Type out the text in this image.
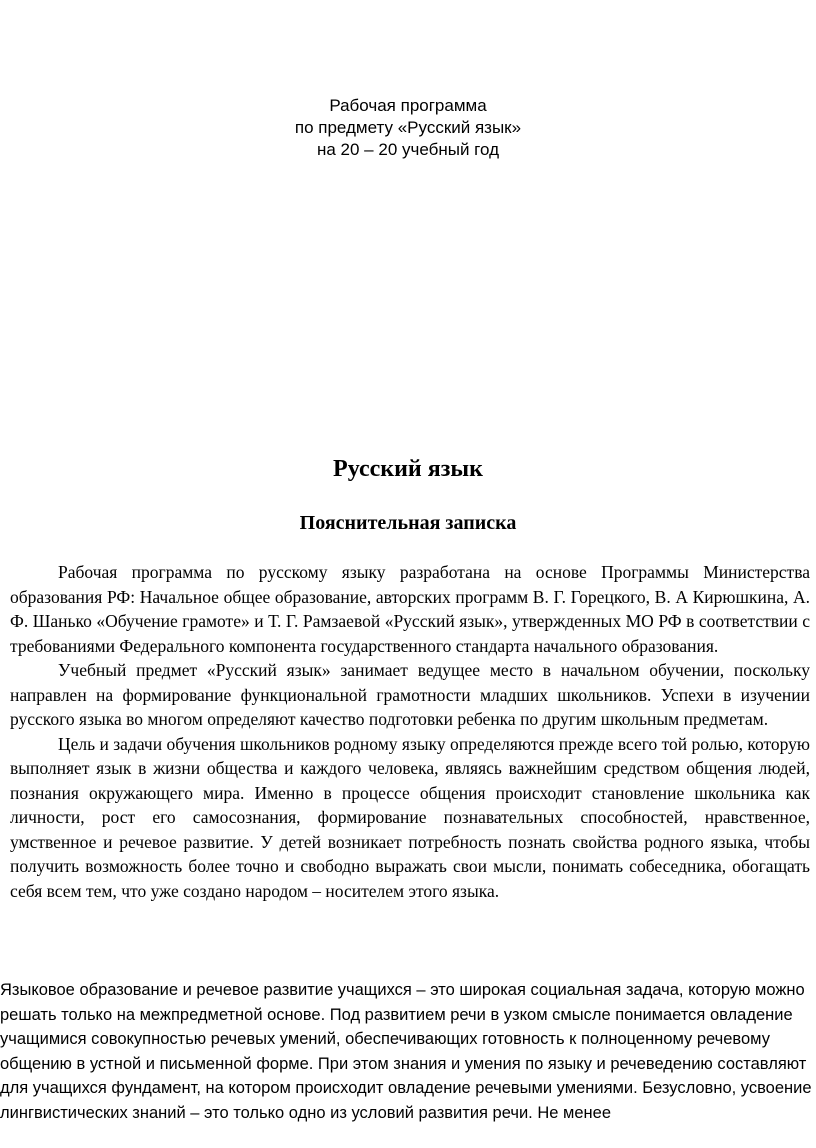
Рабочая программа
по предмету «Русский язык»
на 20 – 20 учебный год
Русский язык
Пояснительная записка

Рабочая программа по русскому языку разработана на основе Программы Министерства образования РФ: Начальное общее образование, авторских программ В. Г. Горецкого, В. А Кирюшкина, А. Ф. Шанько «Обучение грамоте» и Т. Г. Рамзаевой «Русский язык», утвержденных МО РФ в соответствии с требованиями Федерального компонента государственного стандарта начального образования.

Учебный предмет «Русский язык» занимает ведущее место в начальном обучении, поскольку направлен на формирование функциональной грамотности младших школьников. Успехи в изучении русского языка во многом определяют качество подготовки ребенка по другим школьным предметам.

Цель и задачи обучения школьников родному языку определяются прежде всего той ролью, которую выполняет язык в жизни общества и каждого человека, являясь важнейшим средством общения людей, познания окружающего мира. Именно в процессе общения происходит становление школьника как личности, рост его самосознания, формирование познавательных способностей, нравственное, умственное и речевое развитие. У детей возникает потребность познать свойства родного языка, чтобы получить возможность более точно и свободно выражать свои мысли, понимать собеседника, обогащать себя всем тем, что уже создано народом – носителем этого языка.

Языковое образование и речевое развитие учащихся – это широкая социальная задача, которую можно решать только на межпредметной основе. Под развитием речи в узком смысле понимается овладение учащимися совокупностью речевых умений, обеспечивающих готовность к полноценному речевому общению в устной и письменной форме. При этом знания и умения по языку и речеведению составляют для учащихся фундамент, на котором происходит овладение речевыми умениями. Безусловно, усвоение лингвистических знаний – это только одно из условий развития речи. Не менее
